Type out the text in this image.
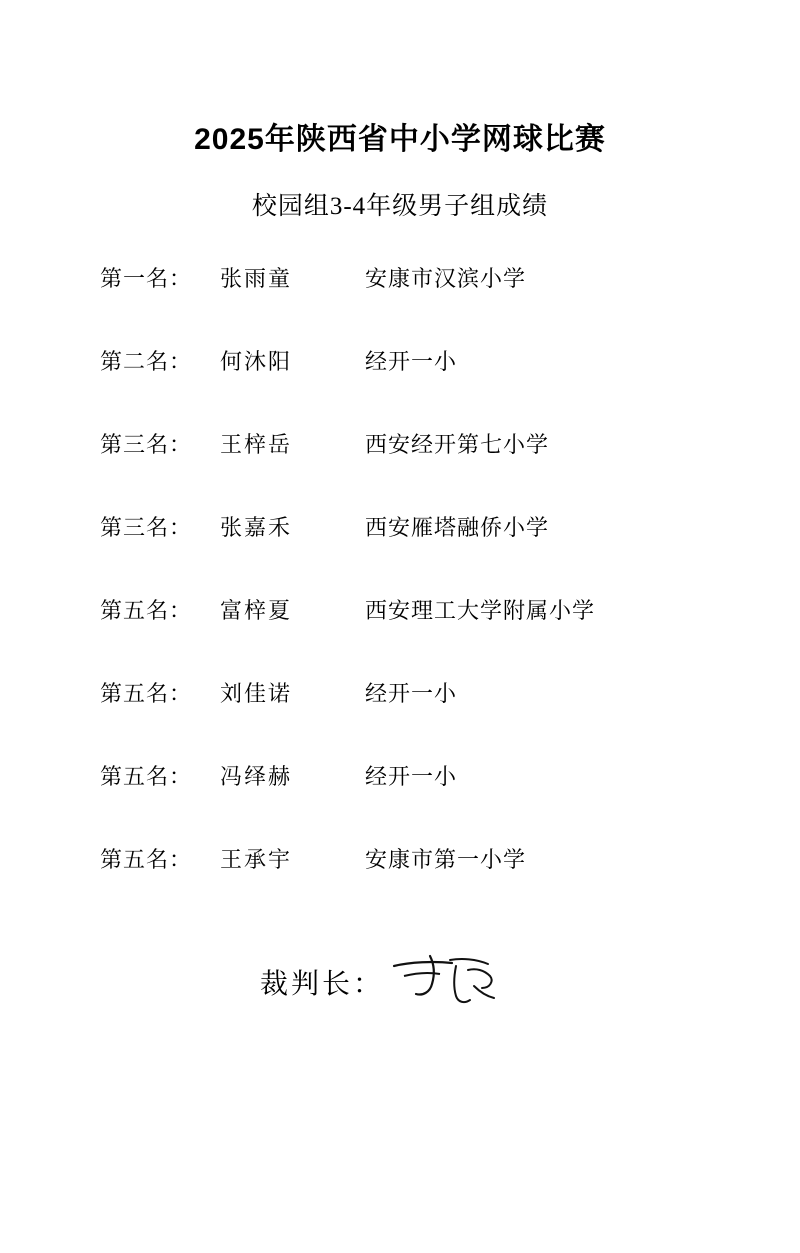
2025年陕西省中小学网球比赛
校园组3-4年级男子组成绩
第一名：	张雨童	安康市汉滨小学
第二名：	何沐阳	经开一小
第三名：	王梓岳	西安经开第七小学
第三名：	张嘉禾	西安雁塔融侨小学
第五名：	富梓夏	西安理工大学附属小学
第五名：	刘佳诺	经开一小
第五名：	冯绎赫	经开一小
第五名：	王承宇	安康市第一小学
裁判长：
